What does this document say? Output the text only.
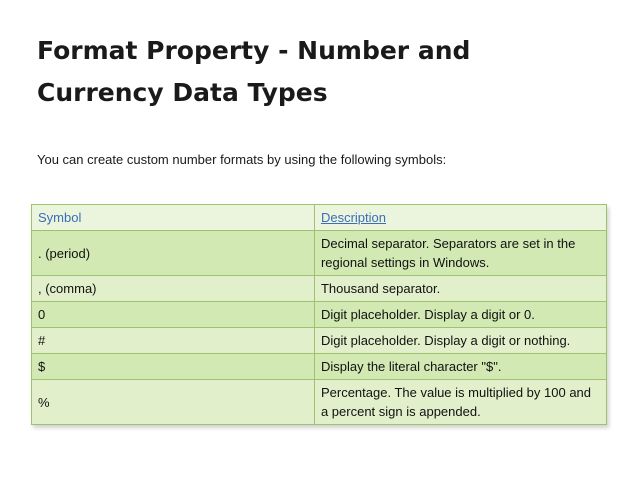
Format Property - Number and
Currency Data Types

You can create custom number formats by using the following symbols:

Symbol	Description
. (period)	Decimal separator. Separators are set in the regional settings in Windows.
, (comma)	Thousand separator.
0	Digit placeholder. Display a digit or 0.
#	Digit placeholder. Display a digit or nothing.
$	Display the literal character "$".
%	Percentage. The value is multiplied by 100 and a percent sign is appended.
